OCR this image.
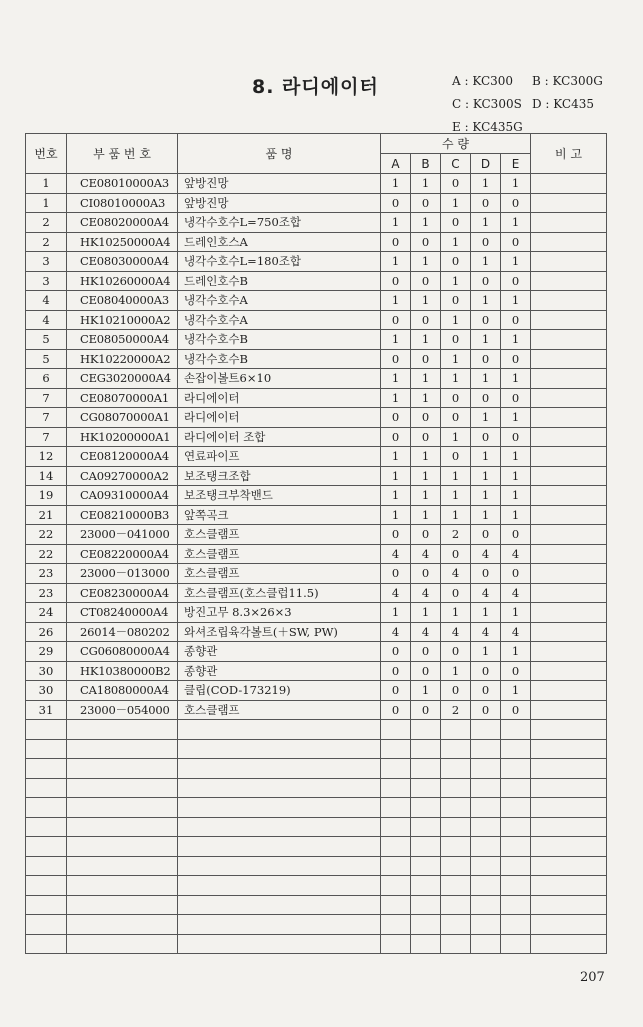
8. 라디에이터	A : KC300 B : KC300G
C : KC300S D : KC435
E : KC435G
번호	부 품 번 호	품 명	수 량					비 고
			A	B	C	D	E	
1	CE08010000A3	앞방진망	1	1	0	1	1	
1	CI08010000A3	앞방진망	0	0	1	0	0	
2	CE08020000A4	냉각수호수L=750조합	1	1	0	1	1	
2	HK10250000A4	드레인호스A	0	0	1	0	0	
3	CE08030000A4	냉각수호수L=180조합	1	1	0	1	1	
3	HK10260000A4	드레인호수B	0	0	1	0	0	
4	CE08040000A3	냉각수호수A	1	1	0	1	1	
4	HK10210000A2	냉각수호수A	0	0	1	0	0	
5	CE08050000A4	냉각수호수B	1	1	0	1	1	
5	HK10220000A2	냉각수호수B	0	0	1	0	0	
6	CEG3020000A4	손잡이볼트6×10	1	1	1	1	1	
7	CE08070000A1	라디에이터	1	1	0	0	0	
7	CG08070000A1	라디에이터	0	0	0	1	1	
7	HK10200000A1	라디에이터 조합	0	0	1	0	0	
12	CE08120000A4	연료파이프	1	1	0	1	1	
14	CA09270000A2	보조탱크조합	1	1	1	1	1	
19	CA09310000A4	보조탱크부착밴드	1	1	1	1	1	
21	CE08210000B3	앞쪽곡크	1	1	1	1	1	
22	23000－041000	호스클램프	0	0	2	0	0	
22	CE08220000A4	호스클램프	4	4	0	4	4	
23	23000－013000	호스클램프	0	0	4	0	0	
23	CE08230000A4	호스클램프(호스클럽11.5)	4	4	0	4	4	
24	CT08240000A4	방진고무 8.3×26×3	1	1	1	1	1	
26	26014－080202	와셔조립육각볼트(＋SW, PW)	4	4	4	4	4	
29	CG06080000A4	종향관	0	0	0	1	1	
30	HK10380000B2	종향관	0	0	1	0	0	
30	CA18080000A4	클립(COD-173219)	0	1	0	0	1	
31	23000－054000	호스클램프	0	0	2	0	0	

207
